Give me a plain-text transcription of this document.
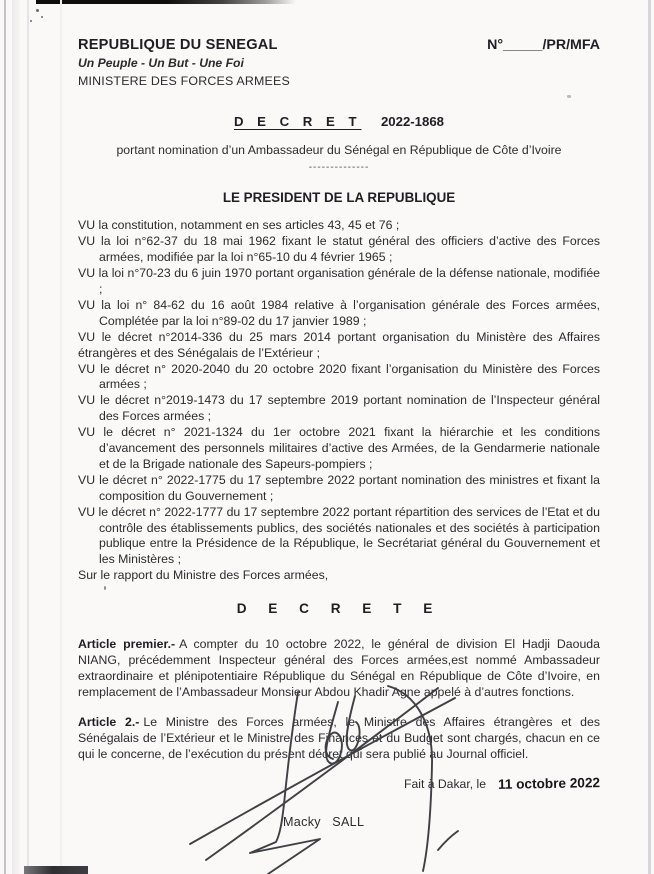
REPUBLIQUE DU SENEGAL
Un Peuple - Un But - Une Foi
MINISTERE DES FORCES ARMEES
N°_____/PR/MFA
D E C R E T 2022-1868
portant nomination d’un Ambassadeur du Sénégal en République de Côte d’Ivoire
--------------
LE PRESIDENT DE LA REPUBLIQUE

VU la constitution, notamment en ses articles 43, 45 et 76 ;

VU la loi n°62-37 du 18 mai 1962 fixant le statut général des officiers d’active des Forces armées, modifiée par la loi n°65-10 du 4 février 1965 ;

VU la loi n°70-23 du 6 juin 1970 portant organisation générale de la défense nationale, modifiée ;

VU la loi n° 84-62 du 16 août 1984 relative à l’organisation générale des Forces armées, Complétée par la loi n°89-02 du 17 janvier 1989 ;

VU le décret n°2014-336 du 25 mars 2014 portant organisation du Ministère des Affaires étrangères et des Sénégalais de l’Extérieur ;

VU le décret n° 2020-2040 du 20 octobre 2020 fixant l’organisation du Ministère des Forces armées ;

VU le décret n°2019-1473 du 17 septembre 2019 portant nomination de l’Inspecteur général des Forces armées ;

VU le décret n° 2021-1324 du 1er octobre 2021 fixant la hiérarchie et les conditions d’avancement des personnels militaires d’active des Armées, de la Gendarmerie nationale et de la Brigade nationale des Sapeurs-pompiers ;

VU le décret n° 2022-1775 du 17 septembre 2022 portant nomination des ministres et fixant la composition du Gouvernement ;

VU le décret n° 2022-1777 du 17 septembre 2022 portant répartition des services de l’Etat et du contrôle des établissements publics, des sociétés nationales et des sociétés à participation publique entre la Présidence de la République, le Secrétariat général du Gouvernement et les Ministères ;

Sur le rapport du Ministre des Forces armées,

D E C R E T E

Article premier.- A compter du 10 octobre 2022, le général de division El Hadji Daouda NIANG, précédemment Inspecteur général des Forces armées,est nommé Ambassadeur extraordinaire et plénipotentiaire République du Sénégal en République de Côte d’Ivoire, en remplacement de l’Ambassadeur Monsieur Abdou Khadir Agne appelé à d’autres fonctions.

Article 2.- Le Ministre des Forces armées, le Ministre des Affaires étrangères et des Sénégalais de l’Extérieur et le Ministre des Finances et du Budget sont chargés, chacun en ce qui le concerne, de l’exécution du présent décret qui sera publié au Journal officiel.

Fait à Dakar, le 11 octobre 2022
Macky   SALL
